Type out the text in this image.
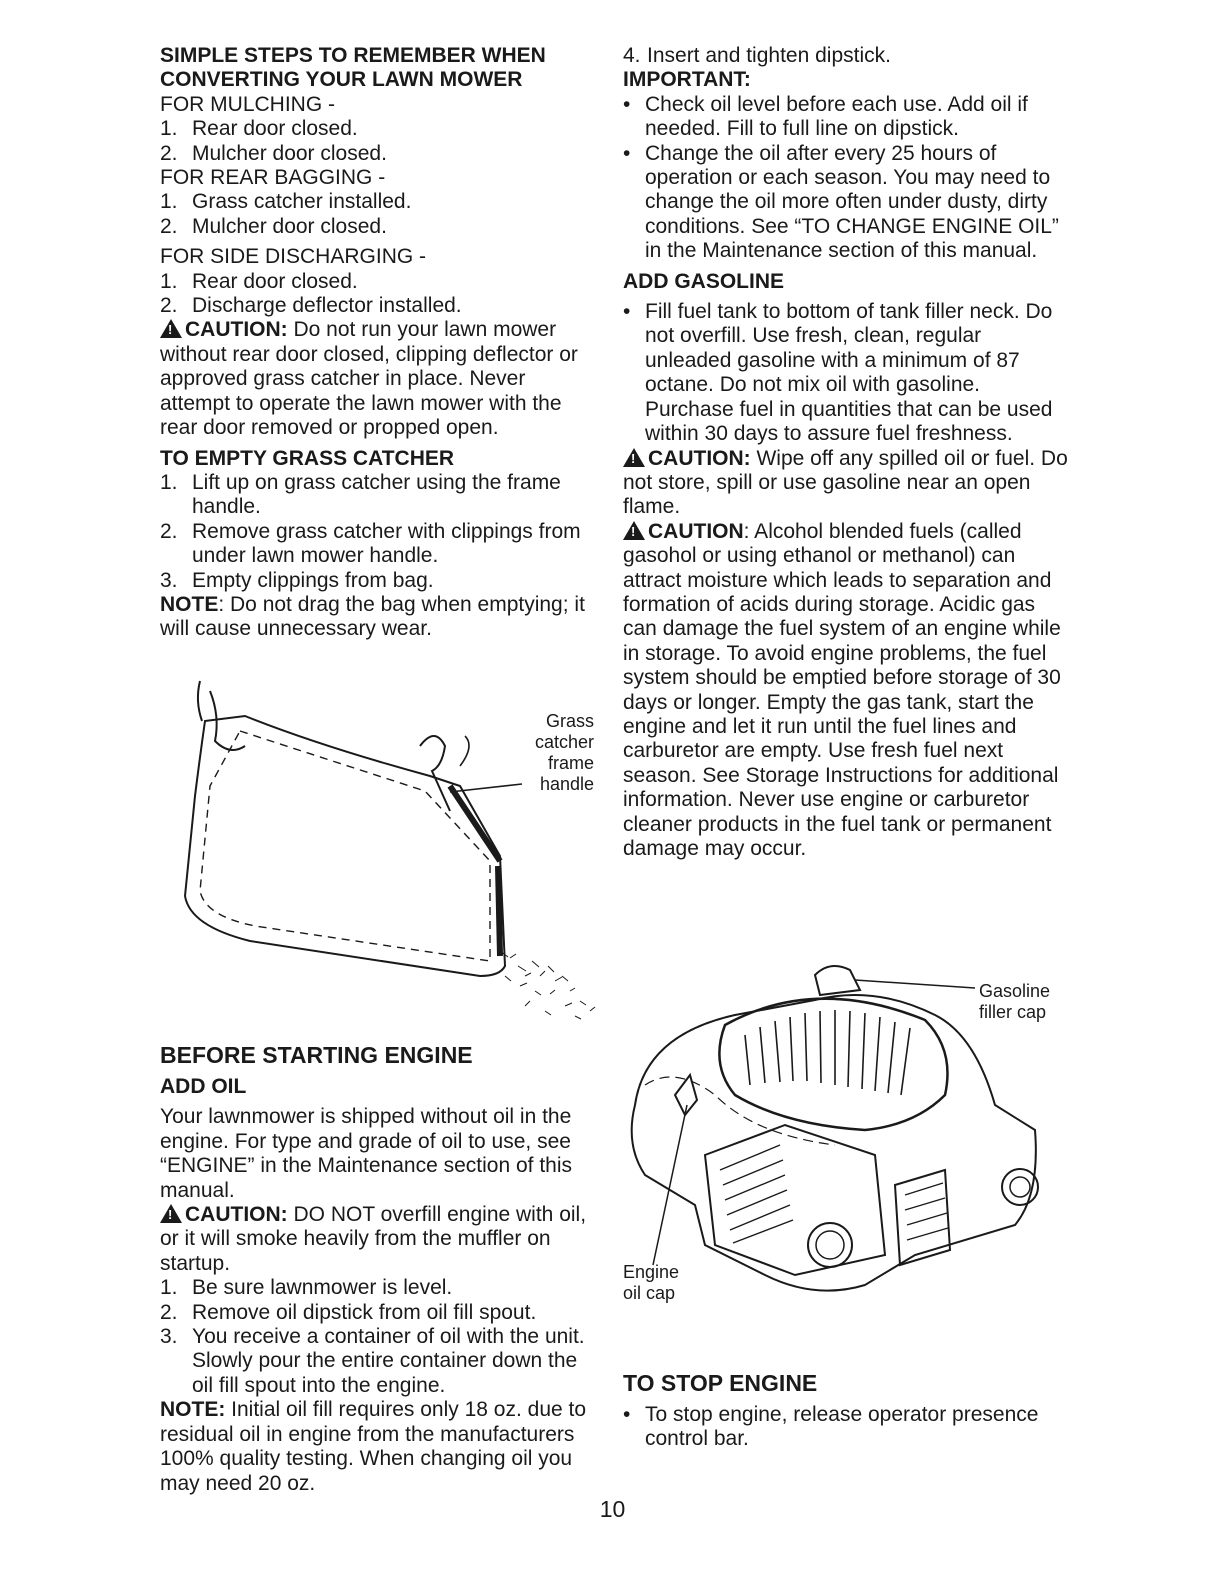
SIMPLE STEPS TO REMEMBER WHEN
CONVERTING YOUR LAWN MOWER
FOR MULCHING -
1. Rear door closed.
2. Mulcher door closed.
FOR REAR BAGGING -
1. Grass catcher installed.
2. Mulcher door closed.
FOR SIDE DISCHARGING -
1. Rear door closed.
2. Discharge deflector installed.
!CAUTION: Do not run your lawn mower without rear door closed, clipping deflector or approved grass catcher in place. Never attempt to operate the lawn mower with the rear door removed or propped open.
TO EMPTY GRASS CATCHER
1. Lift up on grass catcher using the frame handle.
2. Remove grass catcher with clippings from under lawn mower handle.
3. Empty clippings from bag.
NOTE: Do not drag the bag when emptying; it will cause unnecessary wear.
Grass
catcher
frame
handle
BEFORE STARTING ENGINE
ADD OIL
Your lawnmower is shipped without oil in the engine. For type and grade of oil to use, see “ENGINE” in the Maintenance section of this manual.
!CAUTION: DO NOT overfill engine with oil, or it will smoke heavily from the muffler on startup.
1. Be sure lawnmower is level.
2. Remove oil dipstick from oil fill spout.
3. You receive a container of oil with the unit. Slowly pour the entire container down the oil fill spout into the engine.
NOTE: Initial oil fill requires only 18 oz. due to residual oil in engine from the manufacturers 100% quality testing. When changing oil you may need 20 oz.
4. Insert and tighten dipstick.
IMPORTANT:
• Check oil level before each use. Add oil if needed. Fill to full line on dipstick.
• Change the oil after every 25 hours of operation or each season. You may need to change the oil more often under dusty, dirty conditions. See “TO CHANGE ENGINE OIL” in the Maintenance section of this manual.
ADD GASOLINE
• Fill fuel tank to bottom of tank filler neck. Do not overfill. Use fresh, clean, regular unleaded gasoline with a minimum of 87 octane. Do not mix oil with gasoline. Purchase fuel in quantities that can be used within 30 days to assure fuel freshness.
!CAUTION: Wipe off any spilled oil or fuel. Do not store, spill or use gasoline near an open flame.
!CAUTION: Alcohol blended fuels (called gasohol or using ethanol or methanol) can attract moisture which leads to separation and formation of acids during storage. Acidic gas can damage the fuel system of an engine while in storage. To avoid engine problems, the fuel system should be emptied before storage of 30 days or longer. Empty the gas tank, start the engine and let it run until the fuel lines and carburetor are empty. Use fresh fuel next season. See Storage Instructions for additional information. Never use engine or carburetor cleaner products in the fuel tank or permanent damage may occur.
Gasoline
filler cap
Engine
oil cap
TO STOP ENGINE
• To stop engine, release operator presence control bar.
10
